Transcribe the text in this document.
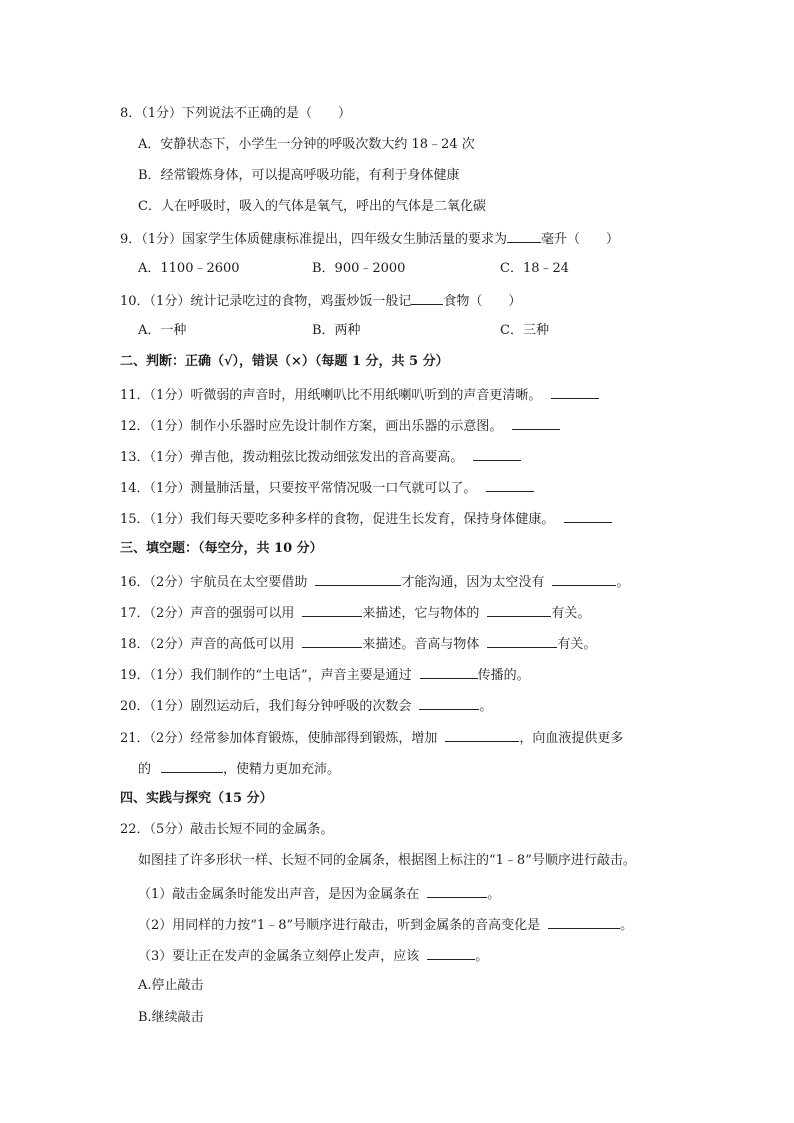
8．（1分）下列说法不正确的是（　　）
A．安静状态下，小学生一分钟的呼吸次数大约 18﹣24 次
B．经常锻炼身体，可以提高呼吸功能，有利于身体健康
C．人在呼吸时，吸入的气体是氧气，呼出的气体是二氧化碳
9．（1分）国家学生体质健康标准提出，四年级女生肺活量的要求为	毫升（　　）
A．1100﹣2600	B．900﹣2000	C．18﹣24
10．（1分）统计记录吃过的食物，鸡蛋炒饭一般记 食物（　　）
A．一种	B．两种	C．三种
二、判断：正确（√），错误（×）（每题 1 分，共 5 分）
11．（1分）听微弱的声音时，用纸喇叭比不用纸喇叭听到的声音更清晰。
12．（1分）制作小乐器时应先设计制作方案，画出乐器的示意图。
13．（1分）弹吉他，拨动粗弦比拨动细弦发出的音高要高。
14．（1分）测量肺活量，只要按平常情况吸一口气就可以了。
15．（1分）我们每天要吃多种多样的食物，促进生长发育，保持身体健康。
三、填空题：（每空分，共 10 分）
16．（2分）宇航员在太空要借助	才能沟通，因为太空没有	。
17．（2分）声音的强弱可以用	来描述，它与物体的	有关。
18．（2分）声音的高低可以用	来描述。音高与物体	有关。
19．（1分）我们制作的“土电话”，声音主要是通过	传播的。
20．（1分）剧烈运动后，我们每分钟呼吸的次数会	。
21．（2分）经常参加体育锻炼，使肺部得到锻炼，增加	，向血液提供更多
的	，使精力更加充沛。
四、实践与探究（15 分）
22．（5分）敲击长短不同的金属条。
如图挂了许多形状一样、长短不同的金属条，根据图上标注的“1﹣8”号顺序进行敲击。
（1）敲击金属条时能发出声音，是因为金属条在	。
（2）用同样的力按“1﹣8”号顺序进行敲击，听到金属条的音高变化是	。
（3）要让正在发声的金属条立刻停止发声，应该	。
A.停止敲击
B.继续敲击
